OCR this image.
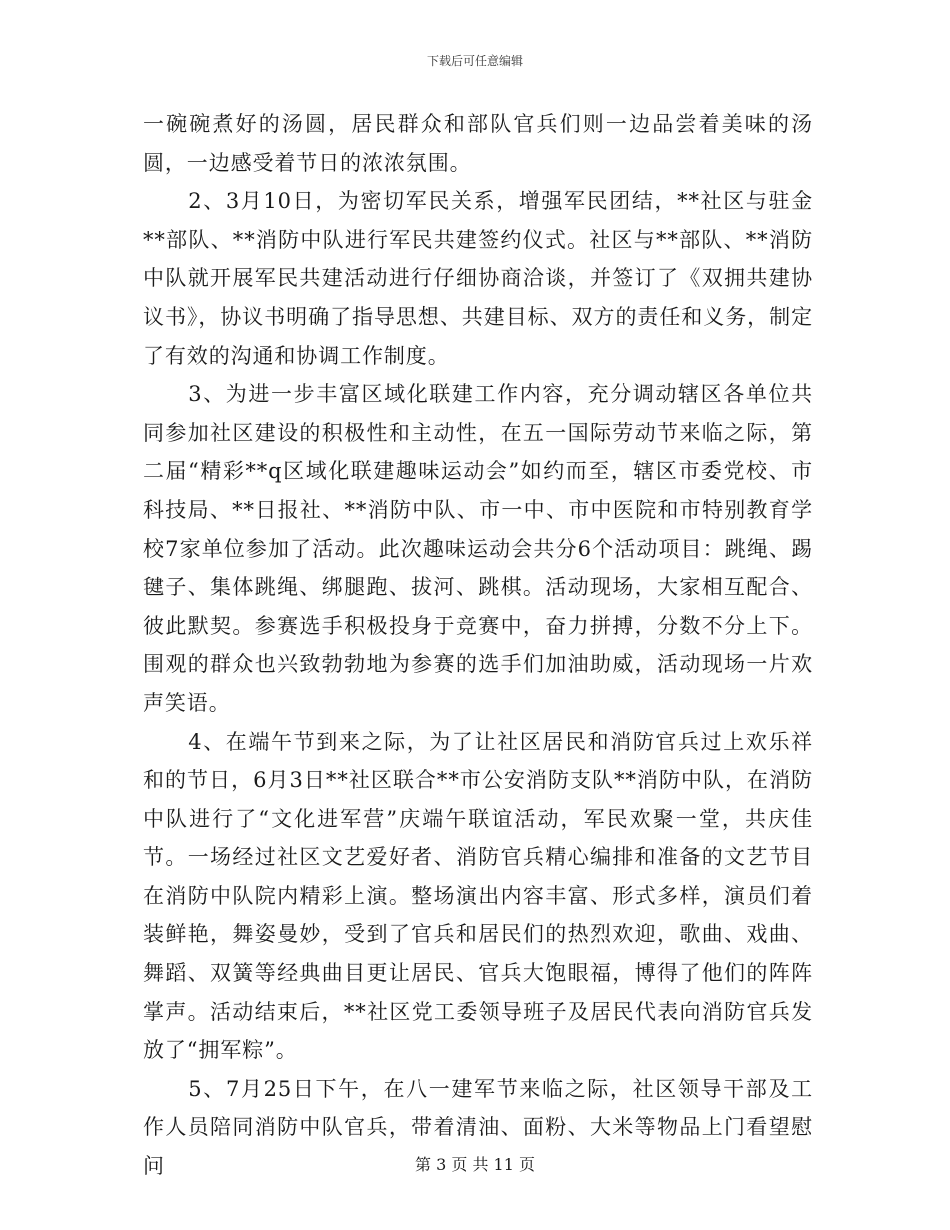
下载后可任意编辑

一碗碗煮好的汤圆，居民群众和部队官兵们则一边品尝着美味的汤圆，一边感受着节日的浓浓氛围。

　　2、3月10日，为密切军民关系，增强军民团结，**社区与驻金**部队、**消防中队进行军民共建签约仪式。社区与**部队、**消防中队就开展军民共建活动进行仔细协商洽谈，并签订了《双拥共建协议书》，协议书明确了指导思想、共建目标、双方的责任和义务，制定了有效的沟通和协调工作制度。

　　3、为进一步丰富区域化联建工作内容，充分调动辖区各单位共同参加社区建设的积极性和主动性，在五一国际劳动节来临之际，第二届“精彩**q区域化联建趣味运动会”如约而至，辖区市委党校、市科技局、**日报社、**消防中队、市一中、市中医院和市特别教育学校7家单位参加了活动。此次趣味运动会共分6个活动项目：跳绳、踢毽子、集体跳绳、绑腿跑、拔河、跳棋。活动现场，大家相互配合、彼此默契。参赛选手积极投身于竞赛中，奋力拼搏，分数不分上下。围观的群众也兴致勃勃地为参赛的选手们加油助威，活动现场一片欢声笑语。

　　4、在端午节到来之际，为了让社区居民和消防官兵过上欢乐祥和的节日，6月3日**社区联合**市公安消防支队**消防中队，在消防中队进行了“文化进军营”庆端午联谊活动，军民欢聚一堂，共庆佳节。一场经过社区文艺爱好者、消防官兵精心编排和准备的文艺节目在消防中队院内精彩上演。整场演出内容丰富、形式多样，演员们着装鲜艳，舞姿曼妙，受到了官兵和居民们的热烈欢迎，歌曲、戏曲、舞蹈、双簧等经典曲目更让居民、官兵大饱眼福，博得了他们的阵阵掌声。活动结束后，**社区党工委领导班子及居民代表向消防官兵发放了“拥军粽”。

　　5、7月25日下午，在八一建军节来临之际，社区领导干部及工作人员陪同消防中队官兵，带着清油、面粉、大米等物品上门看望慰问	第 3 页 共 11 页
